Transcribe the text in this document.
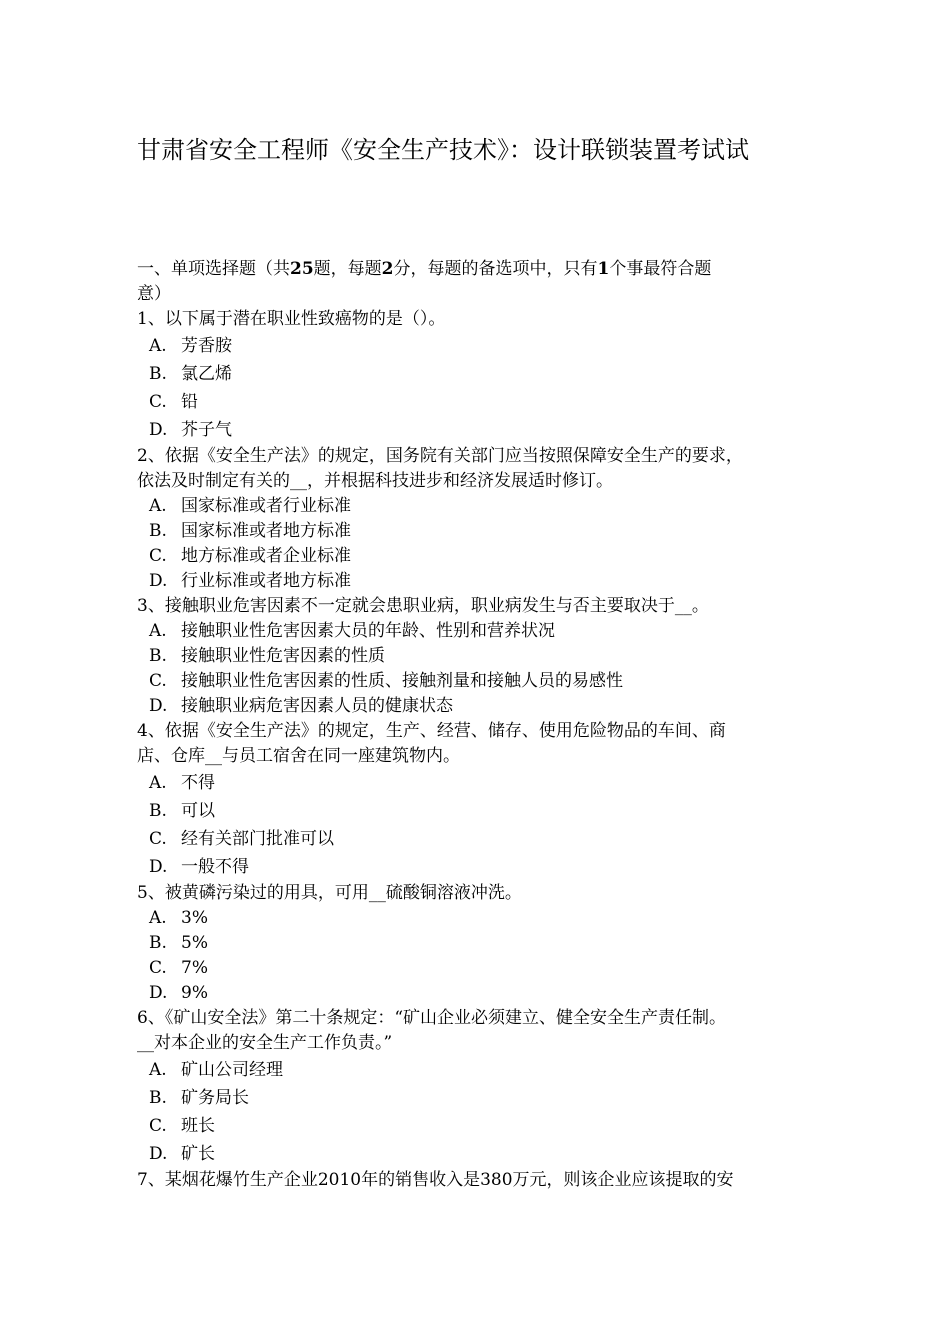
甘肃省安全工程师《安全生产技术》：设计联锁装置考试试
一、单项选择题（共25题，每题2分，每题的备选项中，只有1个事最符合题
意）
1、以下属于潜在职业性致癌物的是（）。
A. 芳香胺
B. 氯乙烯
C. 铅
D. 芥子气
2、依据《安全生产法》的规定，国务院有关部门应当按照保障安全生产的要求，
依法及时制定有关的__，并根据科技进步和经济发展适时修订。
A. 国家标准或者行业标准
B. 国家标准或者地方标准
C. 地方标准或者企业标准
D. 行业标准或者地方标准
3、接触职业危害因素不一定就会患职业病，职业病发生与否主要取决于__。
A. 接触职业性危害因素大员的年龄、性别和营养状况
B. 接触职业性危害因素的性质
C. 接触职业性危害因素的性质、接触剂量和接触人员的易感性
D. 接触职业病危害因素人员的健康状态
4、依据《安全生产法》的规定，生产、经营、储存、使用危险物品的车间、商
店、仓库__与员工宿舍在同一座建筑物内。
A. 不得
B. 可以
C. 经有关部门批准可以
D. 一般不得
5、被黄磷污染过的用具，可用__硫酸铜溶液冲洗。
A. 3%
B. 5%
C. 7%
D. 9%
6、《矿山安全法》第二十条规定：“矿山企业必须建立、健全安全生产责任制。
__对本企业的安全生产工作负责。”
A. 矿山公司经理
B. 矿务局长
C. 班长
D. 矿长
7、某烟花爆竹生产企业2010年的销售收入是380万元，则该企业应该提取的安
